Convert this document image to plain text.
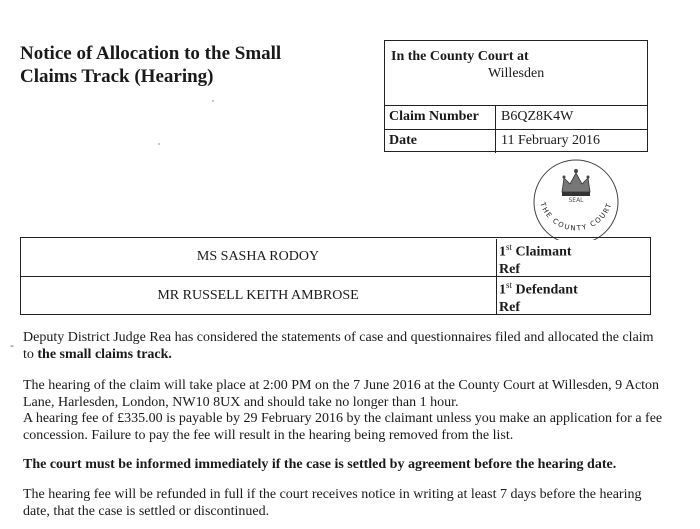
Notice of Allocation to the Small Claims Track (Hearing)
In the County Court at
Willesden
Claim Number	B6QZ8K4W
Date	11 February 2016
SEAL
THE COUNTY COURT
MS SASHA RODOY	1st Claimant
Ref
MR RUSSELL KEITH AMBROSE	1st Defendant
Ref
- Deputy District Judge Rea has considered the statements of case and questionnaires filed and allocated the claim to the small claims track.
The hearing of the claim will take place at 2:00 PM on the 7 June 2016 at the County Court at Willesden, 9 Acton Lane, Harlesden, London, NW10 8UX and should take no longer than 1 hour.
A hearing fee of £335.00 is payable by 29 February 2016 by the claimant unless you make an application for a fee concession. Failure to pay the fee will result in the hearing being removed from the list.
The court must be informed immediately if the case is settled by agreement before the hearing date.
The hearing fee will be refunded in full if the court receives notice in writing at least 7 days before the hearing date, that the case is settled or discontinued.
